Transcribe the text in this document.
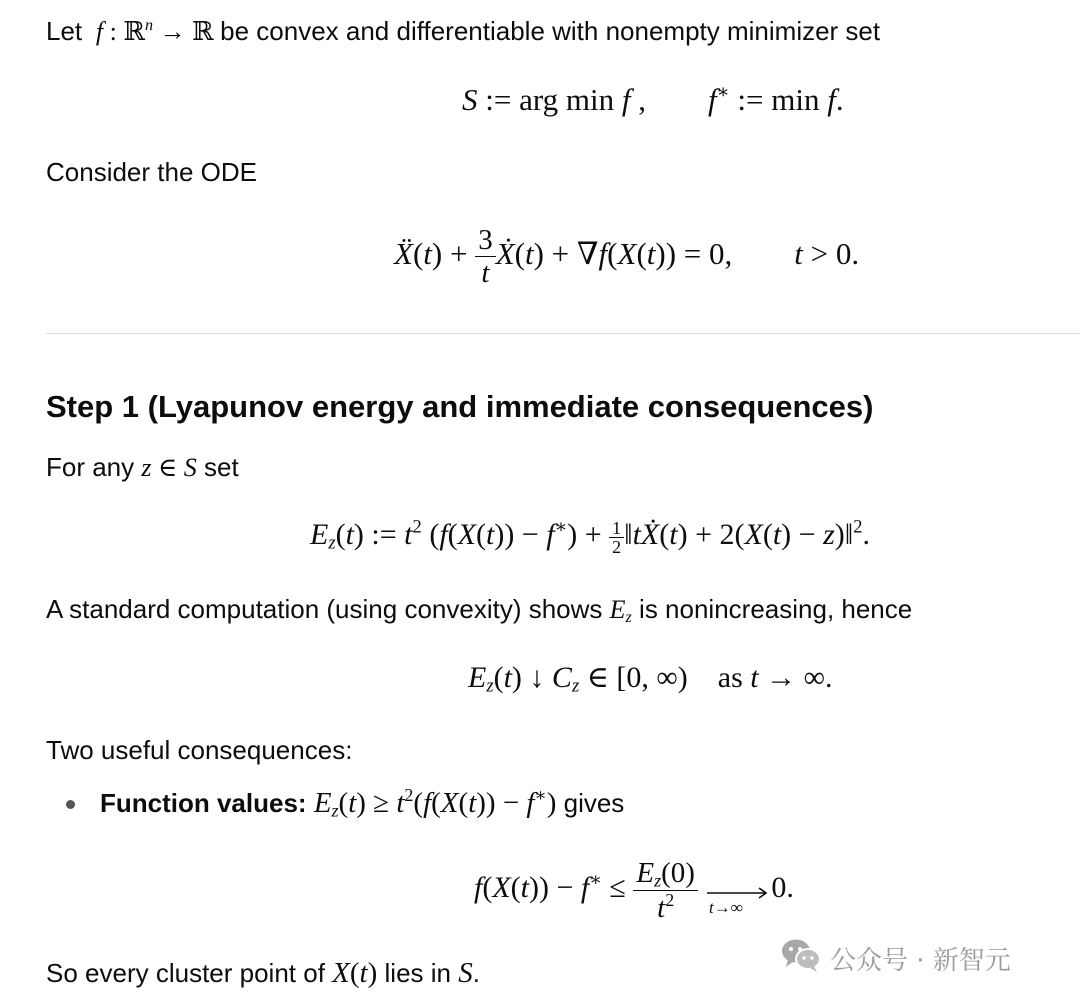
Let  f : ℝ$^n$ → ℝ be convex and differentiable with nonempty minimizer set
S := arg min f ,        f∗ := min f.
Consider the ODE
Ẍ(t) + $\frac{3}{t}$ Ẋ(t) + ∇f(X(t)) = 0,        t > 0.
Step 1 (Lyapunov energy and immediate consequences)
For any z ∈ S set
$E_z(t)$ := $t^2$ $(f(X(t)) - f^∗) + \frac{1}{2}$ ‖tẊ(t) + 2(X(t) − z)‖$^2$.
A standard computation (using convexity) shows $E_z$ is nonincreasing, hence
$E_z(t)$ ↓ $C_z$ ∈ [0, ∞)    as t → ∞.
Two useful consequences:
Function values: $E_z(t) \ge t^2(f(X(t)) - f^∗)$ gives
$f(X(t)) - f^∗ \le \frac{E_z(0)}{t^2}$
t→∞
0.
So every cluster point of X(t) lies in S.	公众号 · 新智元
